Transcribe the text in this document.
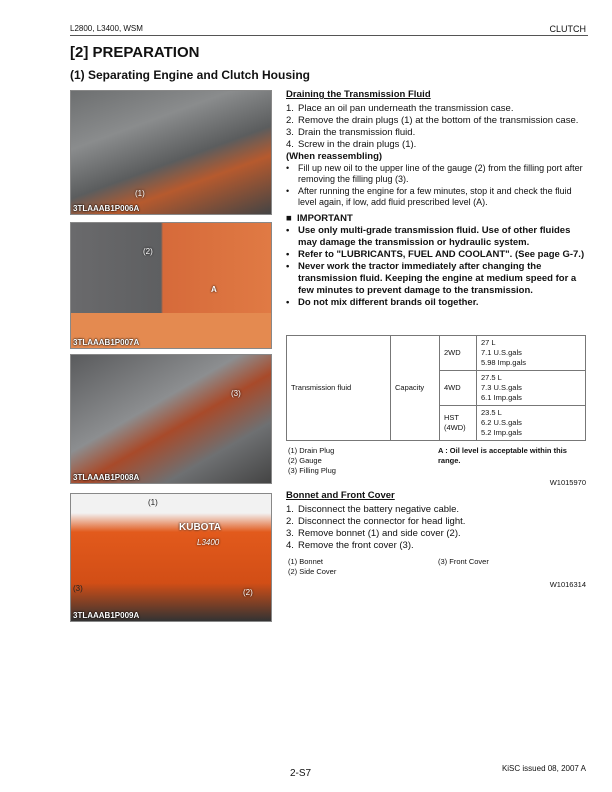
L2800, L3400, WSM	CLUTCH
[2] PREPARATION
(1) Separating Engine and Clutch Housing
(1)
3TLAAAB1P006A
(2)
A
3TLAAAB1P007A
(3)
3TLAAAB1P008A
(1)
KUBOTA
L3400
(3)	(2)
3TLAAAB1P009A
Draining the Transmission Fluid
1. Place an oil pan underneath the transmission case.
2. Remove the drain plugs (1) at the bottom of the transmission case.
3. Drain the transmission fluid.
4. Screw in the drain plugs (1).
(When reassembling)
• Fill up new oil to the upper line of the gauge (2) from the filling port after removing the filling plug (3).
• After running the engine for a few minutes, stop it and check the fluid level again, if low, add fluid prescribed level (A).
■  IMPORTANT
• Use only multi-grade transmission fluid. Use of other fluides may damage the transmission or hydraulic system.
• Refer to "LUBRICANTS, FUEL AND COOLANT". (See page G-7.)
• Never work the tractor immediately after changing the transmission fluid. Keeping the engine at medium speed for a few minutes to prevent damage to the transmission.
• Do not mix different brands oil together.
Transmission fluid	Capacity	2WD	27 L
7.1 U.S.gals
5.98 Imp.gals
		4WD	27.5 L
7.3 U.S.gals
6.1 Imp.gals
		HST
(4WD)	23.5 L
6.2 U.S.gals
5.2 Imp.gals
(1) Drain Plug
(2) Gauge
(3) Filling Plug
A : Oil level is acceptable within this range.
W1015970
Bonnet and Front Cover
1. Disconnect the battery negative cable.
2. Disconnect the connector for head light.
3. Remove bonnet (1) and side cover (2).
4. Remove the front cover (3).
(1) Bonnet
(2) Side Cover
(3) Front Cover
W1016314
2-S7	KiSC issued 08, 2007 A
